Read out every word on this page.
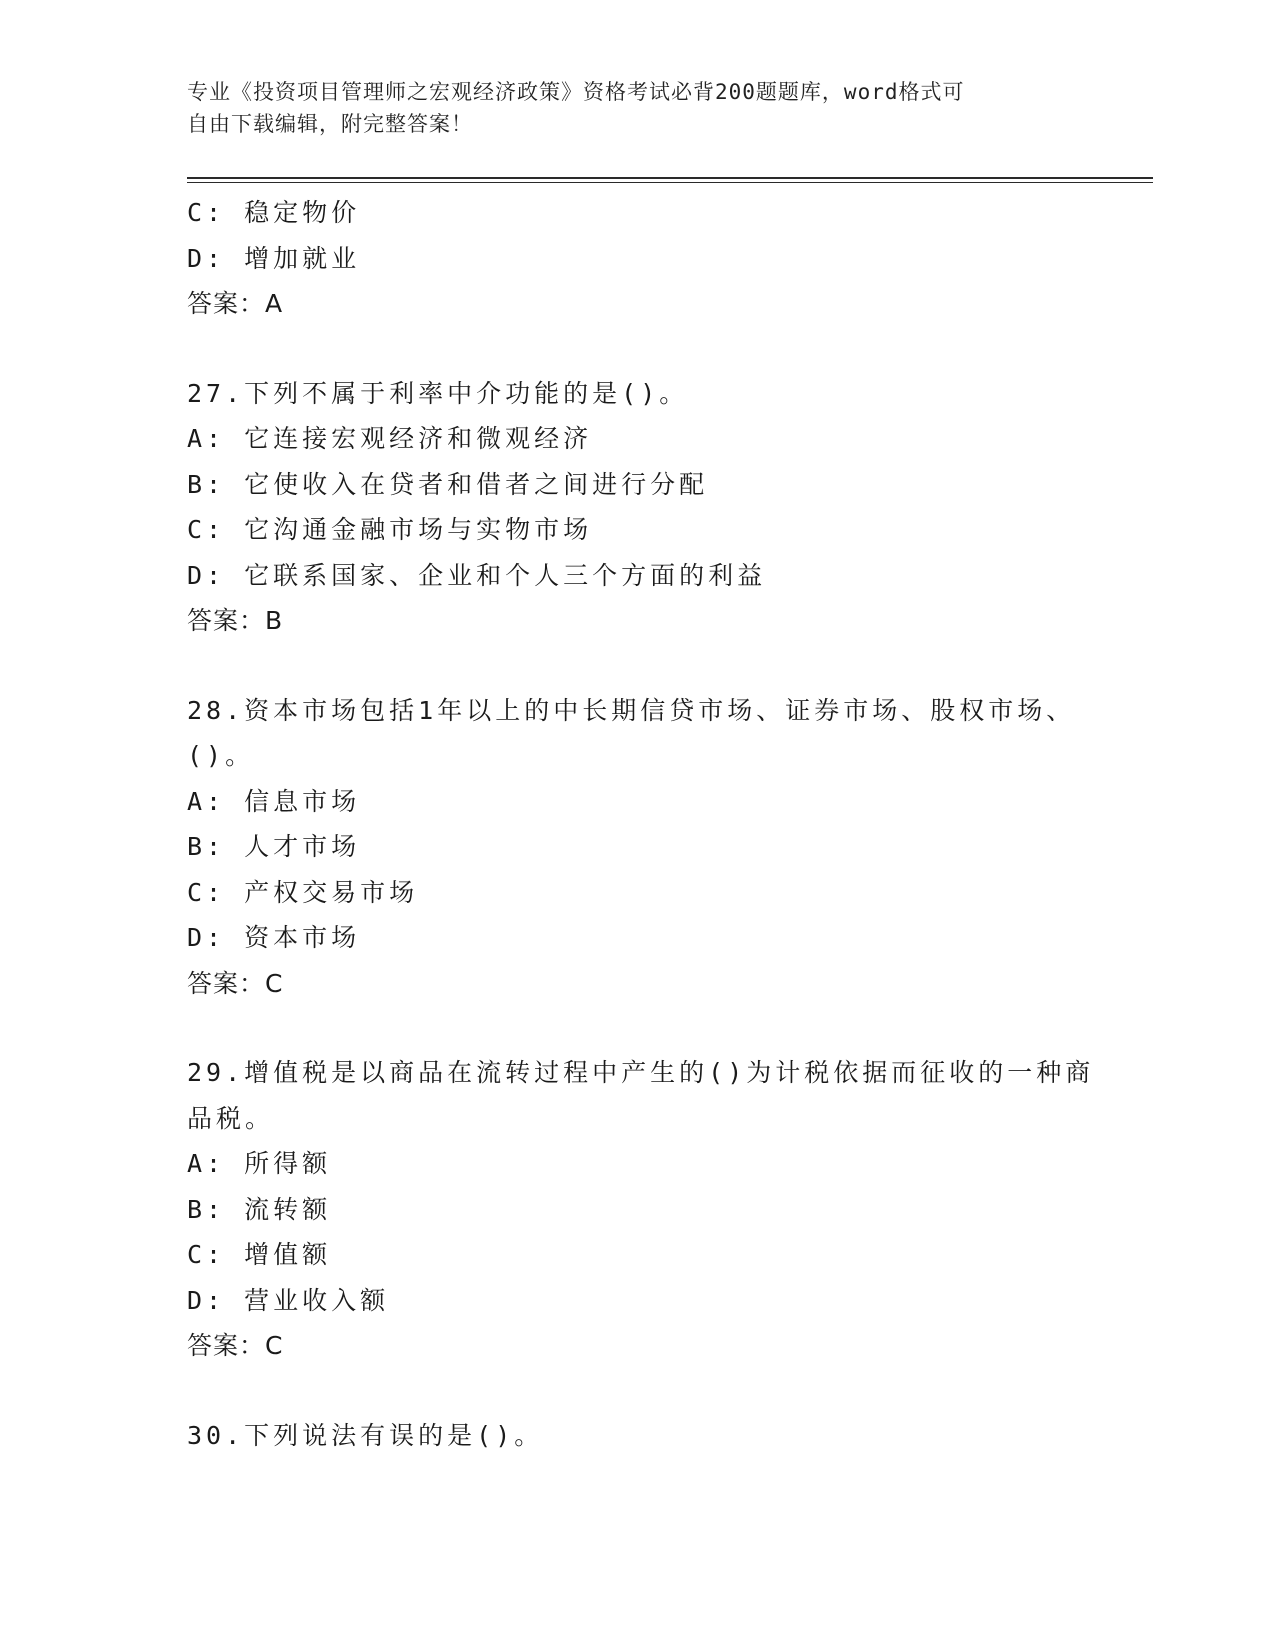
专业《投资项目管理师之宏观经济政策》资格考试必背200题题库，word格式可
自由下载编辑，附完整答案！
C: 稳定物价
D: 增加就业
答案：A
27.下列不属于利率中介功能的是()。
A: 它连接宏观经济和微观经济
B: 它使收入在贷者和借者之间进行分配
C: 它沟通金融市场与实物市场
D: 它联系国家、企业和个人三个方面的利益
答案：B
28.资本市场包括1年以上的中长期信贷市场、证券市场、股权市场、
()。
A: 信息市场
B: 人才市场
C: 产权交易市场
D: 资本市场
答案：C
29.增值税是以商品在流转过程中产生的()为计税依据而征收的一种商
品税。
A: 所得额
B: 流转额
C: 增值额
D: 营业收入额
答案：C
30.下列说法有误的是()。
